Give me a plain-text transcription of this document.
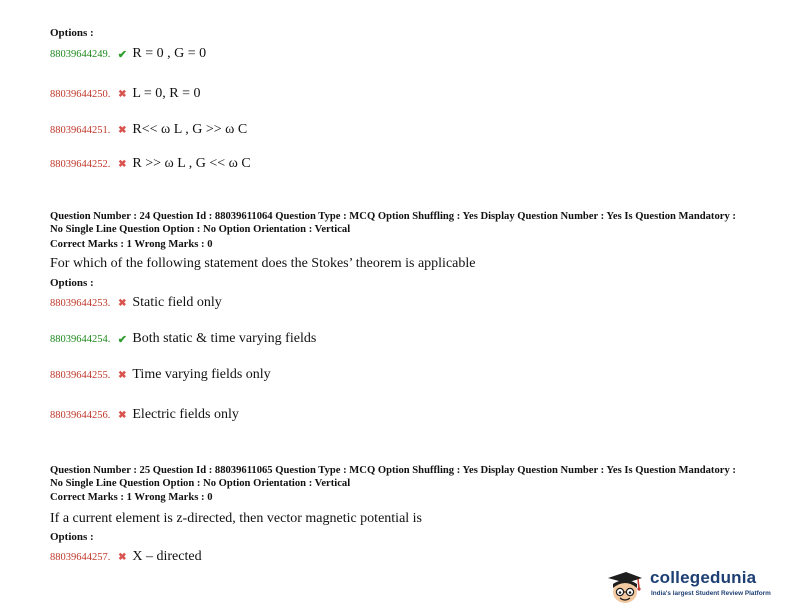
Options :
88039644249. ✔ R = 0 , G = 0
88039644250. ✖ L = 0, R = 0
88039644251. ✖ R<< ω L , G >> ω C
88039644252. ✖ R >> ω L , G << ω C
Question Number : 24 Question Id : 88039611064 Question Type : MCQ Option Shuffling : Yes Display Question Number : Yes Is Question Mandatory : No Single Line Question Option : No Option Orientation : Vertical
Correct Marks : 1 Wrong Marks : 0
For which of the following statement does the Stokes’ theorem is applicable
Options :
88039644253. ✖ Static field only
88039644254. ✔ Both static & time varying fields
88039644255. ✖ Time varying fields only
88039644256. ✖ Electric fields only
Question Number : 25 Question Id : 88039611065 Question Type : MCQ Option Shuffling : Yes Display Question Number : Yes Is Question Mandatory : No Single Line Question Option : No Option Orientation : Vertical
Correct Marks : 1 Wrong Marks : 0
If a current element is z-directed, then vector magnetic potential is
Options :
88039644257. ✖ X – directed
collegedunia
India's largest Student Review Platform
